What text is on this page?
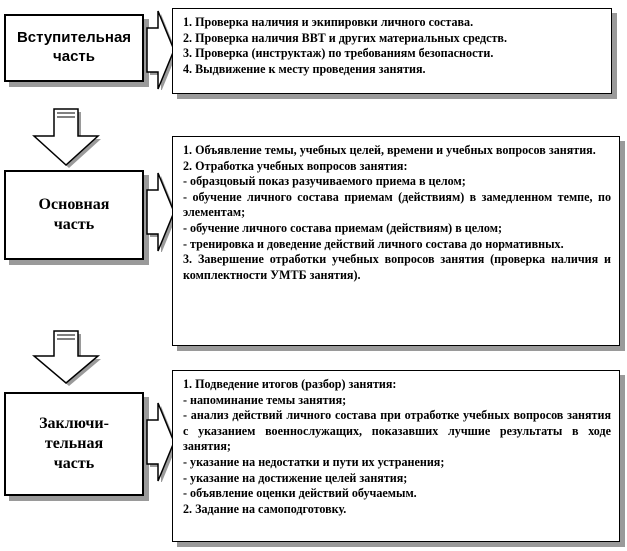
Вступительная
часть
1. Проверка наличия и экипировки личного состава.
2. Проверка наличия ВВТ и других материальных средств.
3. Проверка (инструктаж) по требованиям безопасности.
4. Выдвижение к месту проведения занятия.
Основная
часть
1. Объявление темы, учебных целей, времени и учебных вопросов занятия.
2. Отработка учебных вопросов занятия:
- образцовый показ разучиваемого приема в целом;
- обучение личного состава приемам (действиям) в замедленном темпе, по элементам;
- обучение личного состава приемам (действиям) в целом;
- тренировка и доведение действий личного состава до нормативных.
3. Завершение отработки учебных вопросов занятия (проверка наличия и комплектности УМТБ занятия).
Заключи-
тельная
часть
1. Подведение итогов (разбор) занятия:
- напоминание темы занятия;
- анализ действий личного состава при отработке учебных вопросов занятия с указанием военнослужащих, показавших лучшие результаты в ходе занятия;
- указание на недостатки и пути их устранения;
- указание на достижение целей занятия;
- объявление оценки действий обучаемым.
2. Задание на самоподготовку.
